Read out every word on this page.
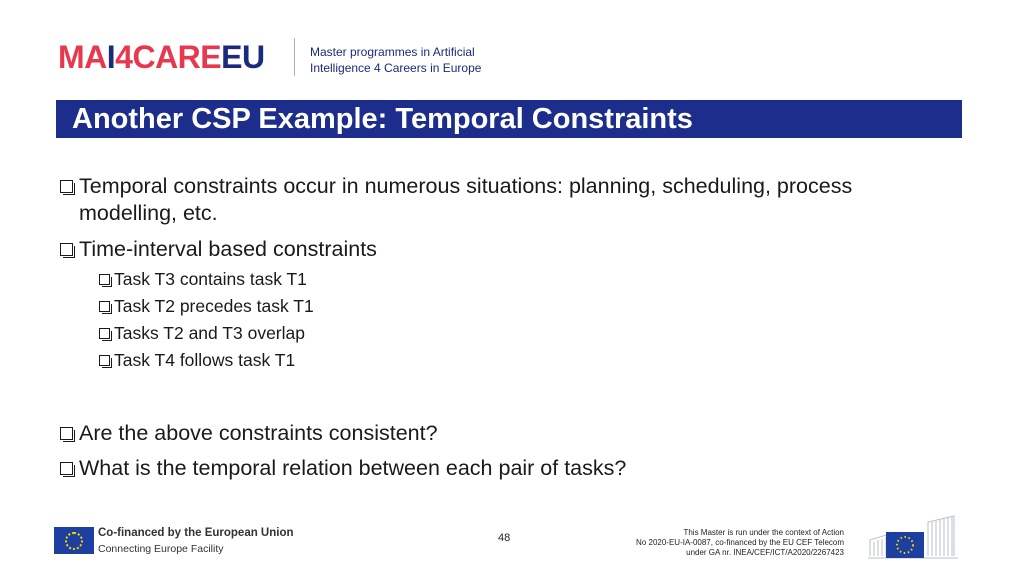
MA I 4 CARE EU	Master programmes in Artificial
Intelligence 4 Careers in Europe
Another CSP Example: Temporal Constraints
Temporal constraints occur in numerous situations: planning, scheduling, process
modelling, etc.
Time-interval based constraints
Task T3 contains task T1
Task T2 precedes task T1
Tasks T2 and T3 overlap
Task T4 follows task T1
Are the above constraints consistent?
What is the temporal relation between each pair of tasks?
Co-financed by the European Union
Connecting Europe Facility
48	This Master is run under the context of Action
No 2020-EU-IA-0087, co-financed by the EU CEF Telecom
under GA nr. INEA/CEF/ICT/A2020/2267423
